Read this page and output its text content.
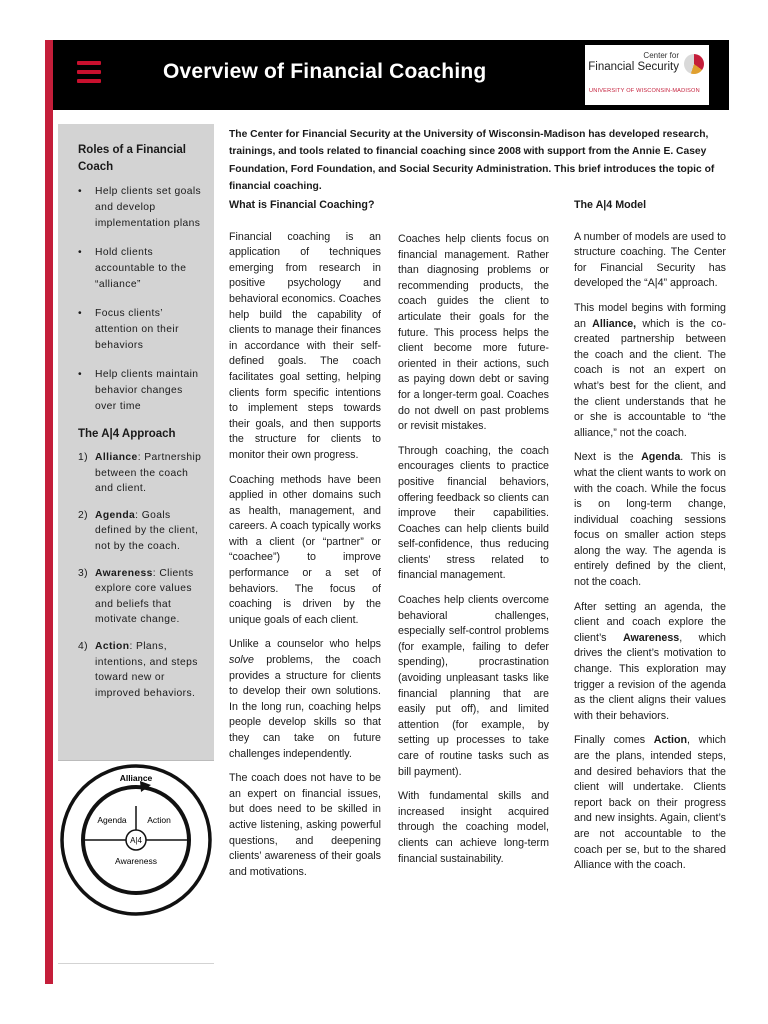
Overview of Financial Coaching
Center for
Financial Security
UNIVERSITY OF WISCONSIN-MADISON
Roles of a Financial Coach
• Help clients set goals and develop implementation plans
• Hold clients accountable to the “alliance”
• Focus clients’ attention on their behaviors
• Help clients maintain behavior changes over time
The A|4 Approach
1) Alliance: Partnership between the coach and client.
2) Agenda: Goals defined by the client, not by the coach.
3) Awareness: Clients explore core values and beliefs that motivate change.
4) Action: Plans, intentions, and steps toward new or improved behaviors.
Alliance
Agenda Action
A|4
Awareness
The Center for Financial Security at the University of Wisconsin-Madison has developed research, trainings, and tools related to financial coaching since 2008 with support from the Annie E. Casey Foundation, Ford Foundation, and Social Security Administration. This brief introduces the topic of financial coaching.
What is Financial Coaching?

Financial coaching is an application of techniques emerging from research in positive psychology and behavioral economics. Coaches help build the capability of clients to manage their finances in accordance with their self-defined goals. The coach facilitates goal setting, helping clients form specific intentions to implement steps towards their goals, and then supports the structure for clients to monitor their own progress.

Coaching methods have been applied in other domains such as health, management, and careers. A coach typically works with a client (or “partner” or “coachee”) to improve performance or a set of behaviors. The focus of coaching is driven by the unique goals of each client.

Unlike a counselor who helps solve problems, the coach provides a structure for clients to develop their own solutions. In the long run, coaching helps people develop skills so that they can take on future challenges independently.

The coach does not have to be an expert on financial issues, but does need to be skilled in active listening, asking powerful questions, and deepening clients’ awareness of their goals and motivations.

Coaches help clients focus on financial management. Rather than diagnosing problems or recommending products, the coach guides the client to articulate their goals for the future. This process helps the client become more future-oriented in their actions, such as paying down debt or saving for a longer-term goal. Coaches do not dwell on past problems or revisit mistakes.

Through coaching, the coach encourages clients to practice positive financial behaviors, offering feedback so clients can improve their capabilities. Coaches can help clients build self-confidence, thus reducing clients’ stress related to financial management.

Coaches help clients overcome behavioral challenges, especially self-control problems (for example, failing to defer spending), procrastination (avoiding unpleasant tasks like financial planning that are easily put off), and limited attention (for example, by setting up processes to take care of routine tasks such as bill payment).

With fundamental skills and increased insight acquired through the coaching model, clients can achieve long-term financial sustainability.

The A|4 Model

A number of models are used to structure coaching. The Center for Financial Security has developed the “A|4” approach.

This model begins with forming an Alliance, which is the co-created partnership between the coach and the client. The coach is not an expert on what’s best for the client, and the client understands that he or she is accountable to “the alliance,” not the coach.

Next is the Agenda. This is what the client wants to work on with the coach. While the focus is on long-term change, individual coaching sessions focus on smaller action steps along the way. The agenda is entirely defined by the client, not the coach.

After setting an agenda, the client and coach explore the client’s Awareness, which drives the client’s motivation to change. This exploration may trigger a revision of the agenda as the client aligns their values with their behaviors.

Finally comes Action, which are the plans, intended steps, and desired behaviors that the client will undertake. Clients report back on their progress and new insights. Again, client’s are not accountable to the coach per se, but to the shared Alliance with the coach.
